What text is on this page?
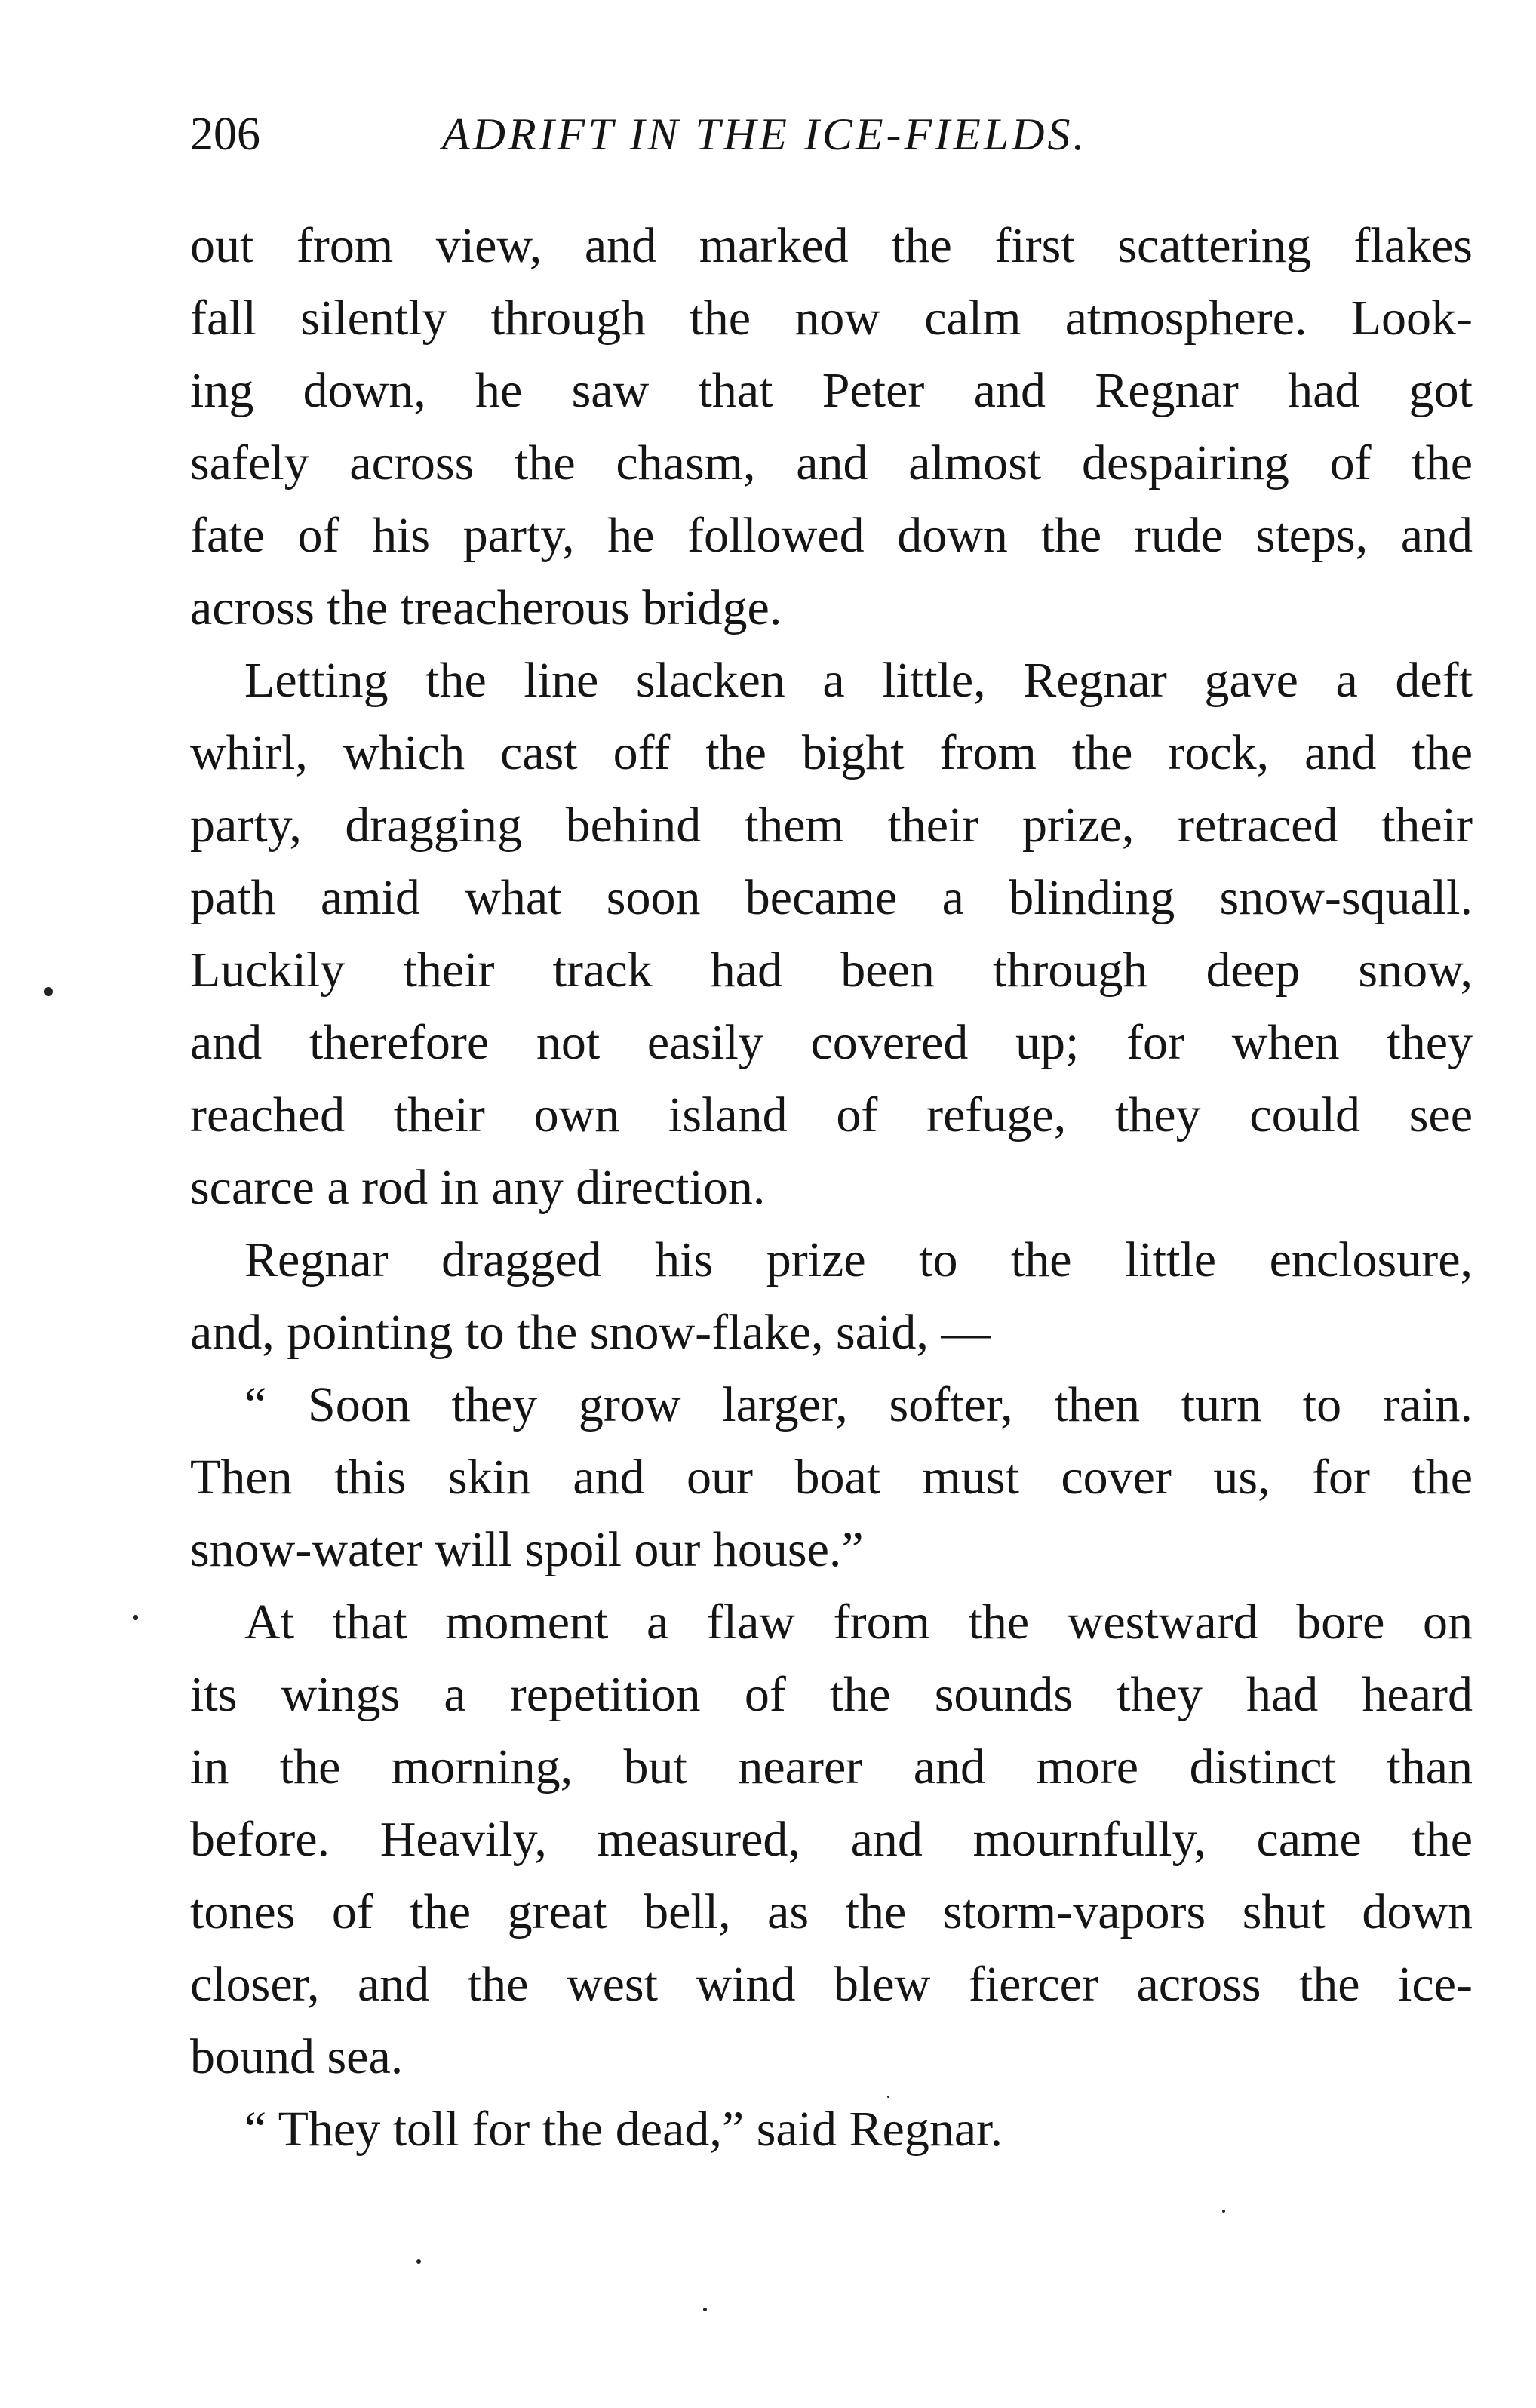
206	ADRIFT IN THE ICE-FIELDS.
out from view, and marked the first scattering flakes
fall silently through the now calm atmosphere. Look-
ing down, he saw that Peter and Regnar had got
safely across the chasm, and almost despairing of the
fate of his party, he followed down the rude steps, and
across the treacherous bridge.
Letting the line slacken a little, Regnar gave a deft
whirl, which cast off the bight from the rock, and the
party, dragging behind them their prize, retraced their
path amid what soon became a blinding snow-squall.
Luckily their track had been through deep snow,
and therefore not easily covered up; for when they
reached their own island of refuge, they could see
scarce a rod in any direction.
Regnar dragged his prize to the little enclosure,
and, pointing to the snow-flake, said, —
“ Soon they grow larger, softer, then turn to rain.
Then this skin and our boat must cover us, for the
snow-water will spoil our house.”
At that moment a flaw from the westward bore on
its wings a repetition of the sounds they had heard
in the morning, but nearer and more distinct than
before. Heavily, measured, and mournfully, came the
tones of the great bell, as the storm-vapors shut down
closer, and the west wind blew fiercer across the ice-
bound sea.
“ They toll for the dead,” said Regnar.
